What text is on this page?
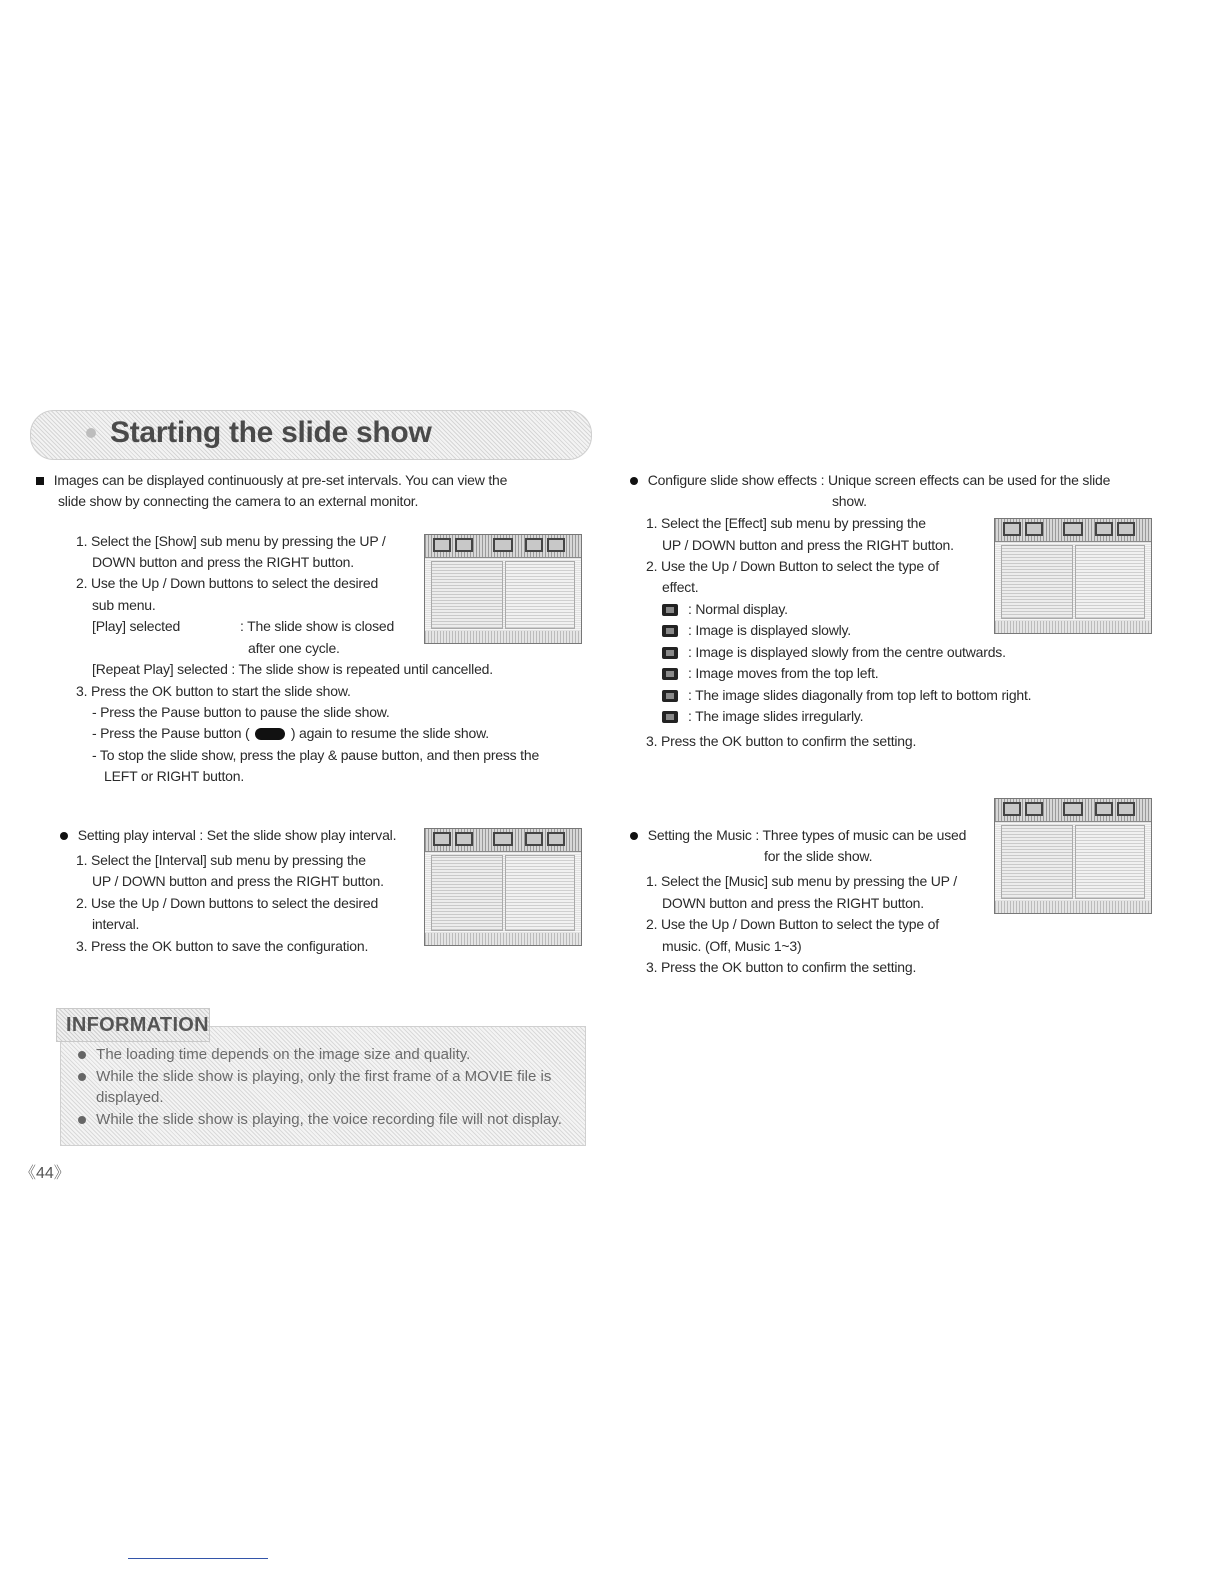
Starting the slide show
Images can be displayed continuously at pre-set intervals. You can view the
slide show by connecting the camera to an external monitor.
1. Select the [Show] sub menu by pressing the UP /
DOWN button and press the RIGHT button.
2. Use the Up / Down buttons to select the desired
sub menu.
[Play] selected	: The slide show is closed
after one cycle.
[Repeat Play] selected : The slide show is repeated until cancelled.
3. Press the OK button to start the slide show.
- Press the Pause button to pause the slide show.
- Press the Pause button (	) again to resume the slide show.
- To stop the slide show, press the play & pause button, and then press the
LEFT or RIGHT button.
Setting play interval : Set the slide show play interval.
1. Select the [Interval] sub menu by pressing the
UP / DOWN button and press the RIGHT button.
2. Use the Up / Down buttons to select the desired
interval.
3. Press the OK button to save the configuration.
Configure slide show effects : Unique screen effects can be used for the slide
show.
1. Select the [Effect] sub menu by pressing the
UP / DOWN button and press the RIGHT button.
2. Use the Up / Down Button to select the type of
effect.
: Normal display.
: Image is displayed slowly.
: Image is displayed slowly from the centre outwards.
: Image moves from the top left.
: The image slides diagonally from top left to bottom right.
: The image slides irregularly.
3. Press the OK button to confirm the setting.
Setting the Music : Three types of music can be used
for the slide show.
1. Select the [Music] sub menu by pressing the UP /
DOWN button and press the RIGHT button.
2. Use the Up / Down Button to select the type of
music. (Off, Music 1~3)
3. Press the OK button to confirm the setting.
INFORMATION
The loading time depends on the image size and quality.
While the slide show is playing, only the first frame of a MOVIE file is
displayed.
While the slide show is playing, the voice recording file will not display.
《44》
